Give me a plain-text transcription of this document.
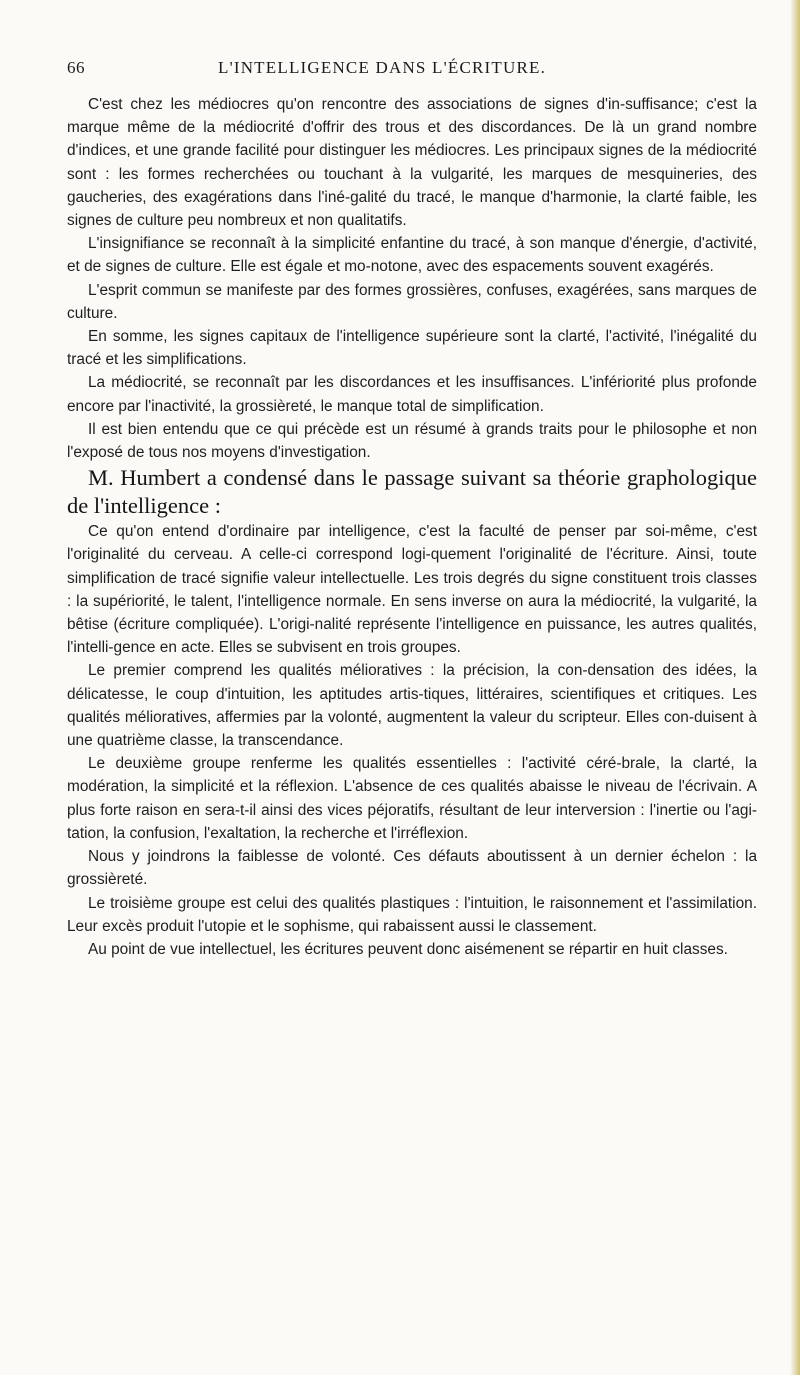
66	L'INTELLIGENCE DANS L'ÉCRITURE.

C'est chez les médiocres qu'on rencontre des associations de signes d'in-suffisance; c'est la marque même de la médiocrité d'offrir des trous et des discordances. De là un grand nombre d'indices, et une grande facilité pour distinguer les médiocres. Les principaux signes de la médiocrité sont : les formes recherchées ou touchant à la vulgarité, les marques de mesquineries, des gaucheries, des exagérations dans l'iné-galité du tracé, le manque d'harmonie, la clarté faible, les signes de culture peu nombreux et non qualitatifs.

L'insignifiance se reconnaît à la simplicité enfantine du tracé, à son manque d'énergie, d'activité, et de signes de culture. Elle est égale et mo-notone, avec des espacements souvent exagérés.

L'esprit commun se manifeste par des formes grossières, confuses, exagérées, sans marques de culture.

En somme, les signes capitaux de l'intelligence supérieure sont la clarté, l'activité, l'inégalité du tracé et les simplifications.

La médiocrité, se reconnaît par les discordances et les insuffisances. L'infériorité plus profonde encore par l'inactivité, la grossièreté, le manque total de simplification.

Il est bien entendu que ce qui précède est un résumé à grands traits pour le philosophe et non l'exposé de tous nos moyens d'investigation.

M. Humbert a condensé dans le passage suivant sa théorie graphologique de l'intelligence :

Ce qu'on entend d'ordinaire par intelligence, c'est la faculté de penser par soi-même, c'est l'originalité du cerveau. A celle-ci correspond logi-quement l'originalité de l'écriture. Ainsi, toute simplification de tracé signifie valeur intellectuelle. Les trois degrés du signe constituent trois classes : la supériorité, le talent, l'intelligence normale. En sens inverse on aura la médiocrité, la vulgarité, la bêtise (écriture compliquée). L'origi-nalité représente l'intelligence en puissance, les autres qualités, l'intelli-gence en acte. Elles se subvisent en trois groupes.

Le premier comprend les qualités mélioratives : la précision, la con-densation des idées, la délicatesse, le coup d'intuition, les aptitudes artis-tiques, littéraires, scientifiques et critiques. Les qualités mélioratives, affermies par la volonté, augmentent la valeur du scripteur. Elles con-duisent à une quatrième classe, la transcendance.

Le deuxième groupe renferme les qualités essentielles : l'activité céré-brale, la clarté, la modération, la simplicité et la réflexion. L'absence de ces qualités abaisse le niveau de l'écrivain. A plus forte raison en sera-t-il ainsi des vices péjoratifs, résultant de leur interversion : l'inertie ou l'agi-tation, la confusion, l'exaltation, la recherche et l'irréflexion.

Nous y joindrons la faiblesse de volonté. Ces défauts aboutissent à un dernier échelon : la grossièreté.

Le troisième groupe est celui des qualités plastiques : l'intuition, le raisonnement et l'assimilation. Leur excès produit l'utopie et le sophisme, qui rabaissent aussi le classement.

Au point de vue intellectuel, les écritures peuvent donc aisémenent se répartir en huit classes.
